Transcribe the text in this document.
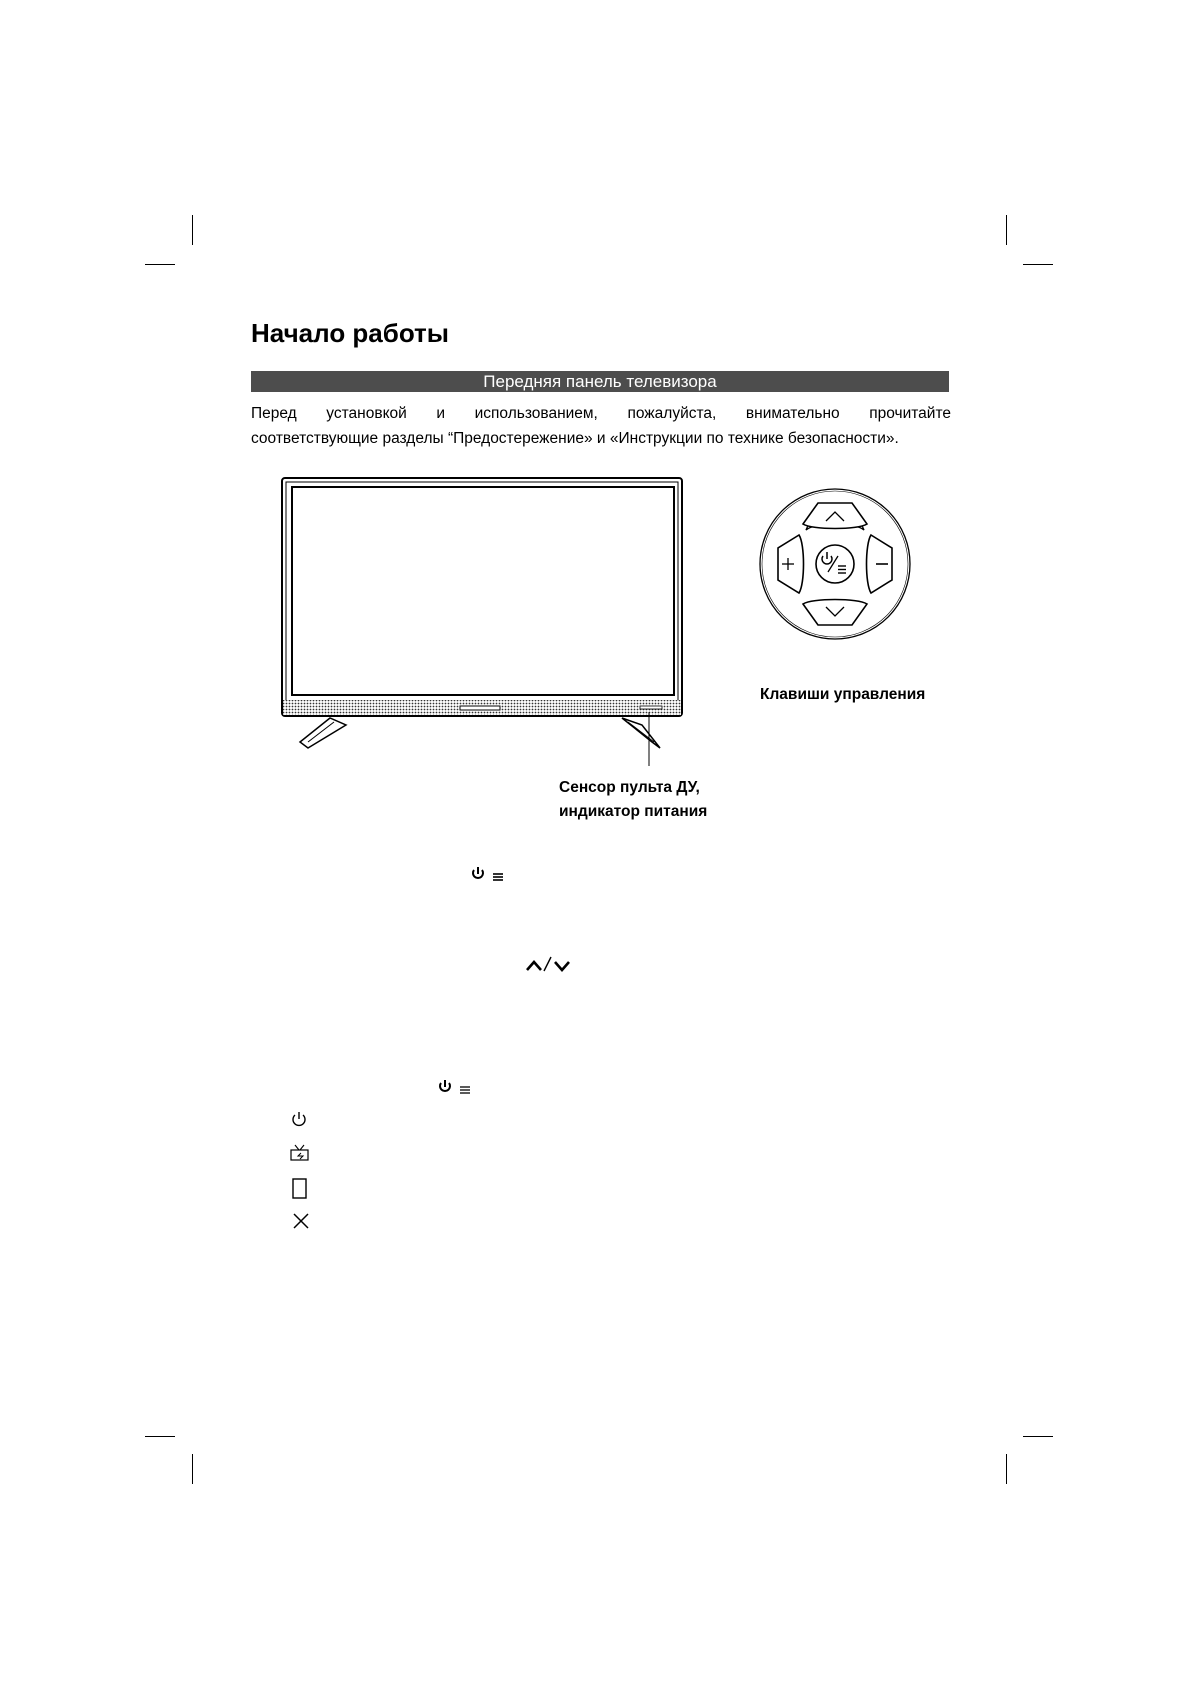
Начало работы
Передняя панель телевизора
Перед установкой и использованием, пожалуйста, внимательно прочитайте
соответствующие разделы “Предостережение» и «Инструкции по технике безопасности».
Клавиши управления
Сенсор пульта ДУ,
индикатор питания
